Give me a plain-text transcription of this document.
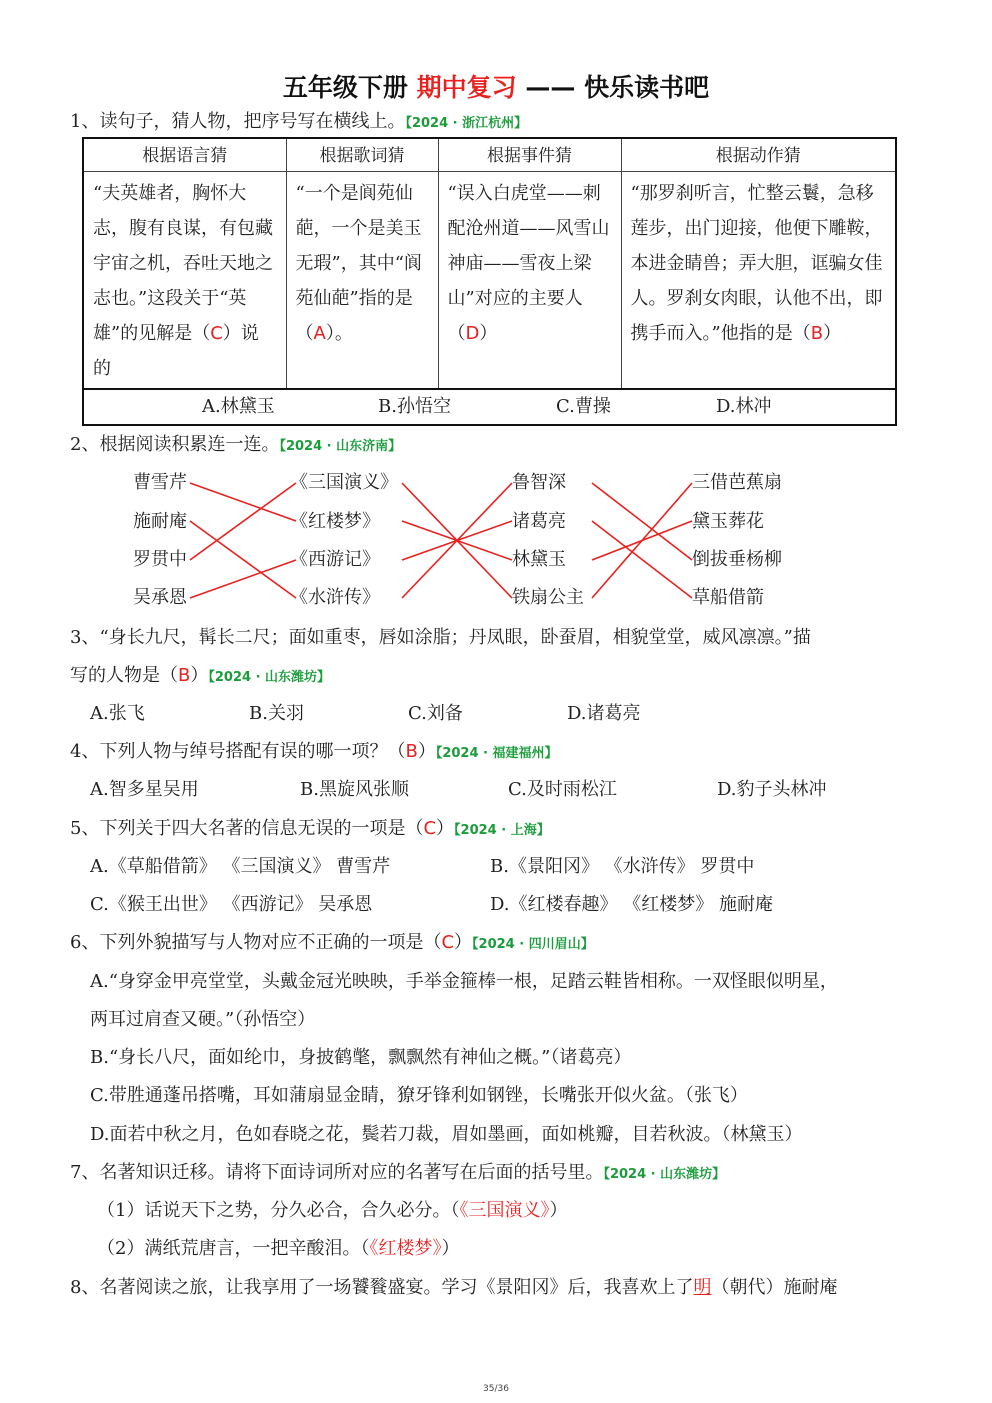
五年级下册 期中复习 —— 快乐读书吧
1、读句子，猜人物，把序号写在横线上。【2024 · 浙江杭州】
根据语言猜	根据歌词猜	根据事件猜	根据动作猜
“夫英雄者，胸怀大志，腹有良谋，有包藏宇宙之机，吞吐天地之志也。”这段关于“英雄”的见解是（C）说的	“一个是阆苑仙葩，一个是美玉无瑕”，其中“阆苑仙葩”指的是（A）。	“误入白虎堂——刺配沧州道——风雪山神庙——雪夜上梁山”对应的主要人（D）	“那罗刹听言，忙整云鬟，急移莲步，出门迎接，他便下雕鞍，本进金睛兽；弄大胆，诓骗女佳人。罗刹女肉眼，认他不出，即携手而入。”他指的是（B）
A.林黛玉 B.孙悟空 C.曹操 D.林冲			
2、根据阅读积累连一连。【2024 · 山东济南】
曹雪芹
施耐庵
罗贯中
吴承恩
《三国演义》
《红楼梦》
《西游记》
《水浒传》
鲁智深
诸葛亮
林黛玉
铁扇公主
三借芭蕉扇
黛玉葬花
倒拔垂杨柳
草船借箭
3、“身长九尺，髯长二尺；面如重枣，唇如涂脂；丹凤眼，卧蚕眉，相貌堂堂，威风凛凛。”描
写的人物是（B）【2024 · 山东潍坊】
A.张飞	B.关羽	C.刘备	D.诸葛亮
4、下列人物与绰号搭配有误的哪一项？（B）【2024 · 福建福州】
A.智多星吴用	B.黑旋风张顺	C.及时雨松江	D.豹子头林冲
5、下列关于四大名著的信息无误的一项是（C）【2024 · 上海】
A.《草船借箭》 《三国演义》 曹雪芹	B.《景阳冈》 《水浒传》 罗贯中
C.《猴王出世》 《西游记》 吴承恩	D.《红楼春趣》 《红楼梦》 施耐庵
6、下列外貌描写与人物对应不正确的一项是（C）【2024 · 四川眉山】
A.“身穿金甲亮堂堂，头戴金冠光映映，手举金箍棒一根，足踏云鞋皆相称。一双怪眼似明星，
两耳过肩查又硬。”（孙悟空）
B.“身长八尺，面如纶巾，身披鹤氅，飘飘然有神仙之概。”（诸葛亮）
C.带胜通蓬吊搭嘴，耳如蒲扇显金睛，獠牙锋利如钢锉，长嘴张开似火盆。（张飞）
D.面若中秋之月，色如春晓之花，鬓若刀裁，眉如墨画，面如桃瓣，目若秋波。（林黛玉）
7、名著知识迁移。请将下面诗词所对应的名著写在后面的括号里。【2024 · 山东潍坊】
（1）话说天下之势，分久必合，合久必分。（《三国演义》）
（2）满纸荒唐言，一把辛酸泪。（《红楼梦》）
8、名著阅读之旅，让我享用了一场饕餮盛宴。学习《景阳冈》后，我喜欢上了明（朝代）施耐庵
35/36
